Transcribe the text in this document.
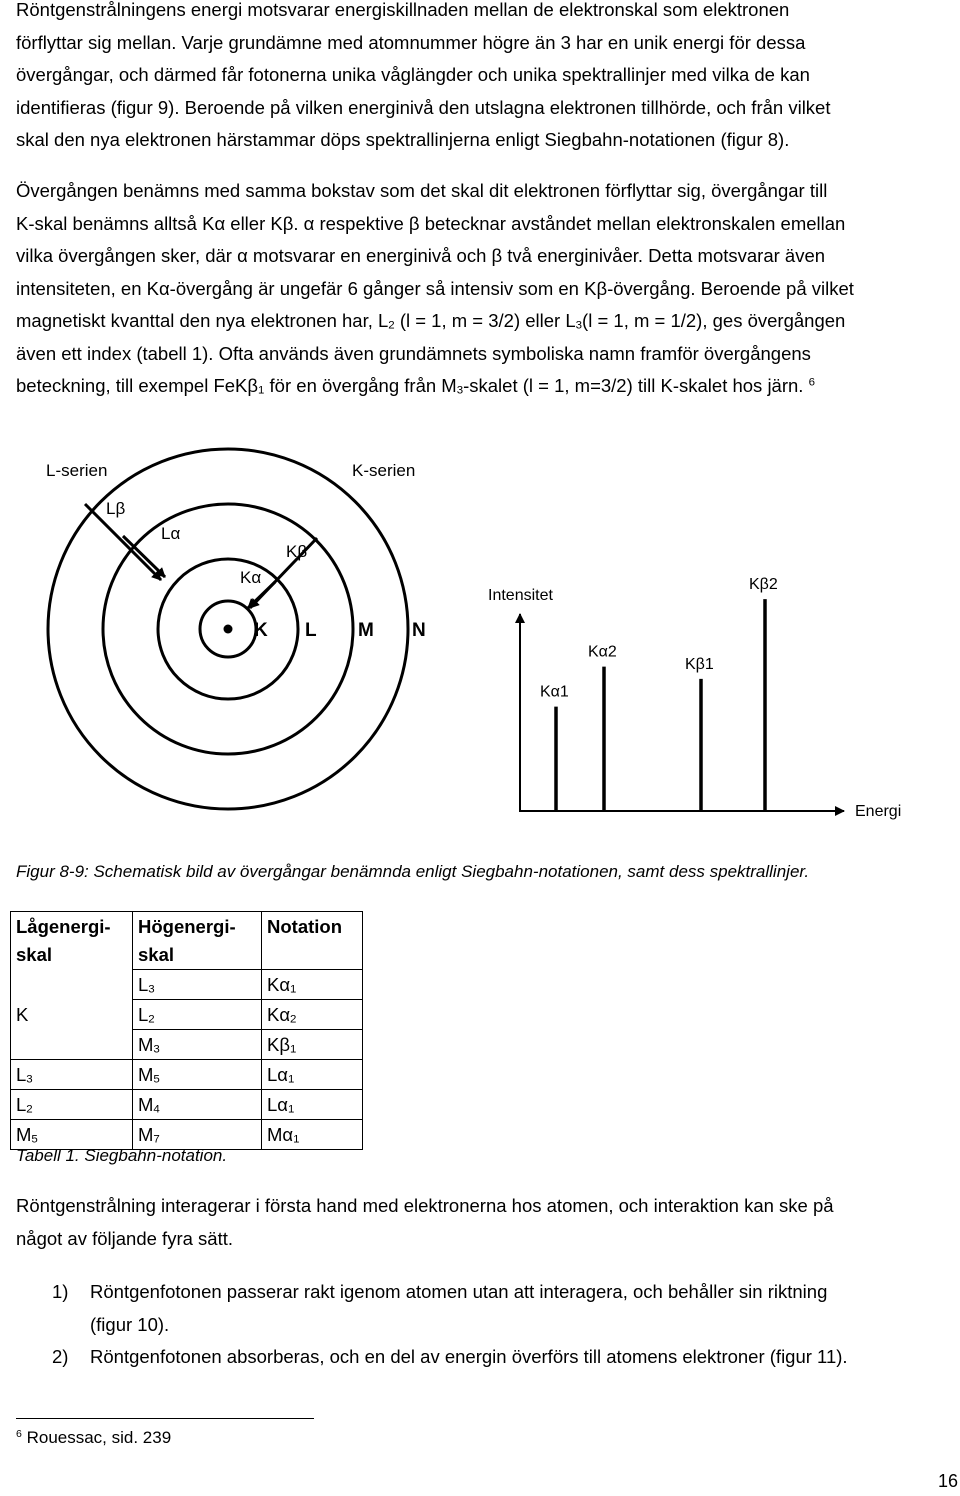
Röntgenstrålningens energi motsvarar energiskillnaden mellan de elektronskal som elektronen
förflyttar sig mellan. Varje grundämne med atomnummer högre än 3 har en unik energi för dessa
övergångar, och därmed får fotonerna unika våglängder och unika spektrallinjer med vilka de kan
identifieras (figur 9). Beroende på vilken energinivå den utslagna elektronen tillhörde, och från vilket
skal den nya elektronen härstammar döps spektrallinjerna enligt Siegbahn-notationen (figur 8).
Övergången benämns med samma bokstav som det skal dit elektronen förflyttar sig, övergångar till
K-skal benämns alltså Kα eller Kβ. α respektive β betecknar avståndet mellan elektronskalen emellan
vilka övergången sker, där α motsvarar en energinivå och β två energinivåer. Detta motsvarar även
intensiteten, en Kα-övergång är ungefär 6 gånger så intensiv som en Kβ-övergång. Beroende på vilket
magnetiskt kvanttal den nya elektronen har, $L_2$ (l = 1, m = 3/2) eller $L_3(l = 1$, m = 1/2), ges övergången
även ett index (tabell 1). Ofta används även grundämnets symboliska namn framför övergångens
beteckning, till exempel FeKβ$_1$ för en övergång från $M_3$-skalet (l = 1, m=3/2) till K-skalet hos järn. $^6$
L-serien	K-serien
Lβ
Lα
Kβ
Kα
K L M N
Intensitet
Energi
Kα1
Kα2
Kβ1
Kβ2
Figur 8-9: Schematisk bild av övergångar benämnda enligt Siegbahn-notationen, samt dess spektrallinjer.
Lågenergi-
skal	Högenergi-
skal	Notation
K	$L_3$	$K\alpha_1$
	$L_2$	$K\alpha_2$
	$M_3$	$K\beta_1$
$L_3$	$M_5$	$L\alpha_1$
$L_2$	$M_4$	$L\alpha_1$
$M_5$	$M_7$	$M\alpha_1$
Tabell 1. Siegbahn-notation.
Röntgenstrålning interagerar i första hand med elektronerna hos atomen, och interaktion kan ske på
något av följande fyra sätt.
1) Röntgenfotonen passerar rakt igenom atomen utan att interagera, och behåller sin riktning
(figur 10).
2) Röntgenfotonen absorberas, och en del av energin överförs till atomens elektroner (figur 11).
$^6$ Rouessac, sid. 239
16
